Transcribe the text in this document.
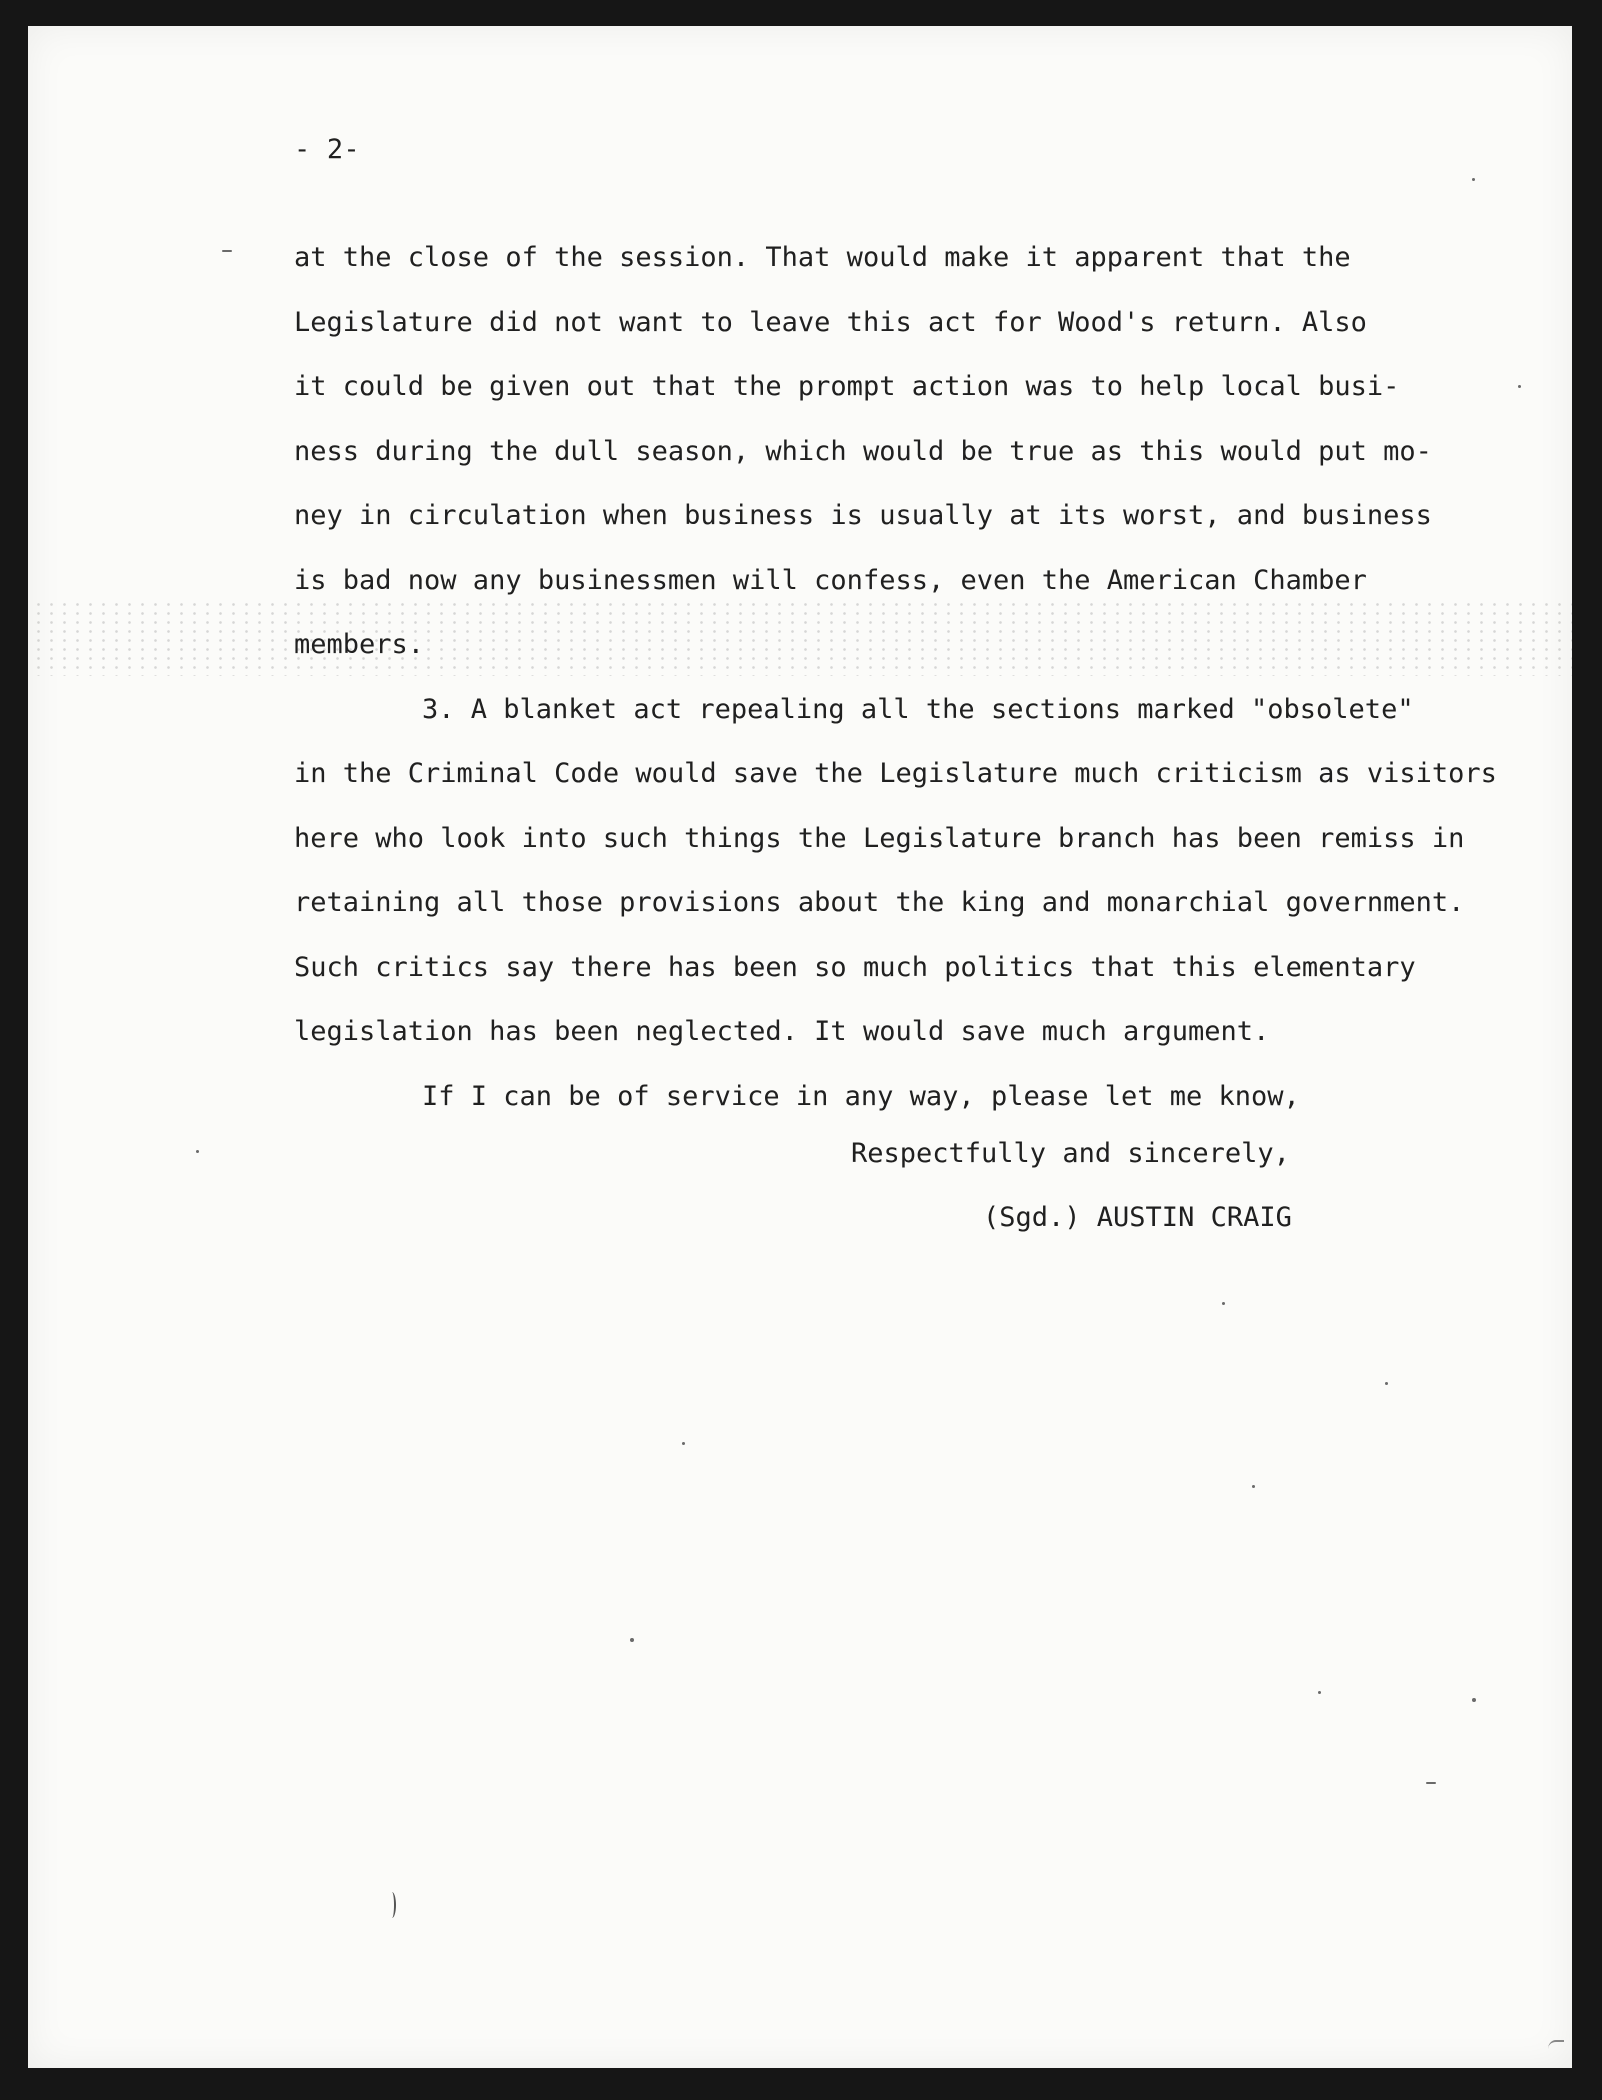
- 2-
at the close of the session. That would make it apparent that the
Legislature did not want to leave this act for Wood's return. Also
it could be given out that the prompt action was to help local busi-
ness during the dull season, which would be true as this would put mo-
ney in circulation when business is usually at its worst, and business
is bad now any businessmen will confess, even the American Chamber
members.
3. A blanket act repealing all the sections marked "obsolete"
in the Criminal Code would save the Legislature much criticism as visitors
here who look into such things the Legislature branch has been remiss in
retaining all those provisions about the king and monarchial government.
Such critics say there has been so much politics that this elementary
legislation has been neglected. It would save much argument.
If I can be of service in any way, please let me know,
Respectfully and sincerely,
(Sgd.) AUSTIN CRAIG
